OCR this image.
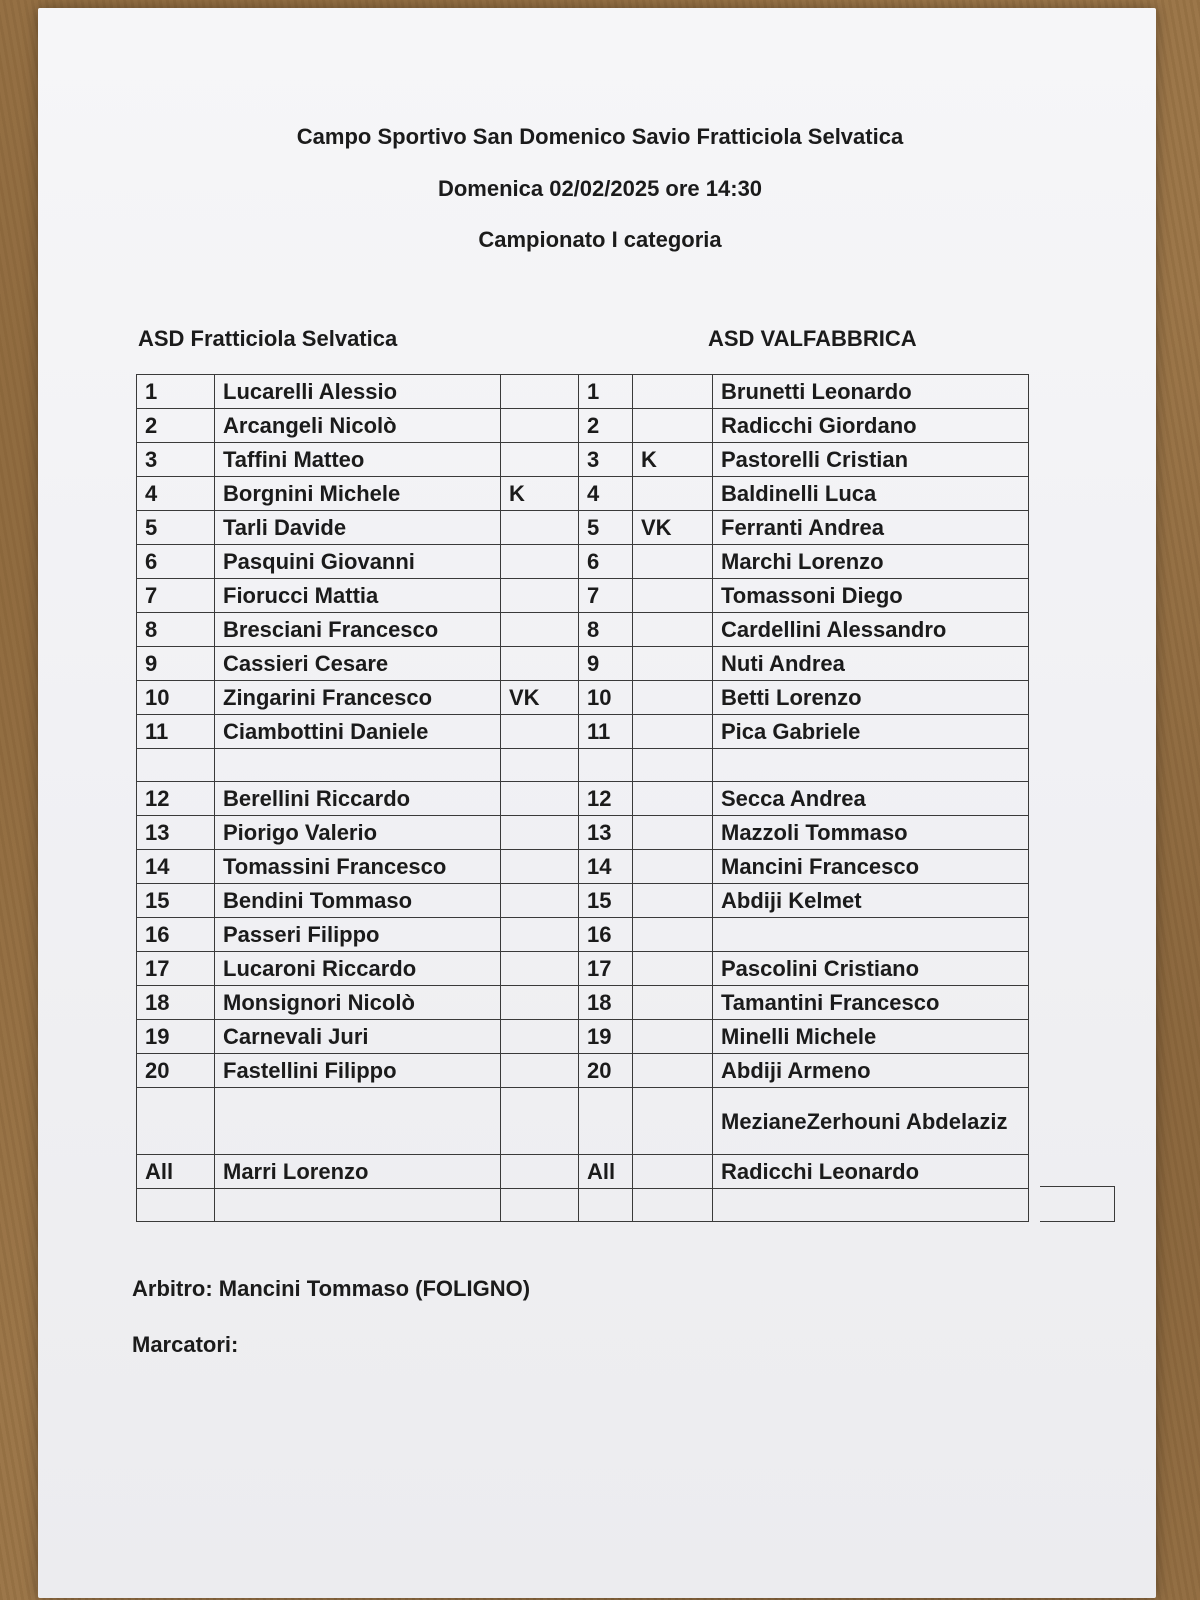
Campo Sportivo San Domenico Savio Fratticiola Selvatica
Domenica 02/02/2025 ore 14:30
Campionato I categoria
ASD Fratticiola Selvatica	ASD VALFABBRICA
1	Lucarelli Alessio		1		Brunetti Leonardo
2	Arcangeli Nicolò		2		Radicchi Giordano
3	Taffini Matteo		3	K	Pastorelli Cristian
4	Borgnini Michele	K	4		Baldinelli Luca
5	Tarli Davide		5	VK	Ferranti Andrea
6	Pasquini Giovanni		6		Marchi Lorenzo
7	Fiorucci Mattia		7		Tomassoni Diego
8	Bresciani Francesco		8		Cardellini Alessandro
9	Cassieri Cesare		9		Nuti Andrea
10	Zingarini Francesco	VK	10		Betti Lorenzo
11	Ciambottini Daniele		11		Pica Gabriele

12	Berellini Riccardo		12		Secca Andrea
13	Piorigo Valerio		13		Mazzoli Tommaso
14	Tomassini Francesco		14		Mancini Francesco
15	Bendini Tommaso		15		Abdiji Kelmet
16	Passeri Filippo		16		
17	Lucaroni Riccardo		17		Pascolini Cristiano
18	Monsignori Nicolò		18		Tamantini Francesco
19	Carnevali Juri		19		Minelli Michele
20	Fastellini Filippo		20		Abdiji Armeno
					MezianeZerhouni Abdelaziz
All	Marri Lorenzo		All		Radicchi Leonardo

Arbitro: Mancini Tommaso (FOLIGNO)
Marcatori:
